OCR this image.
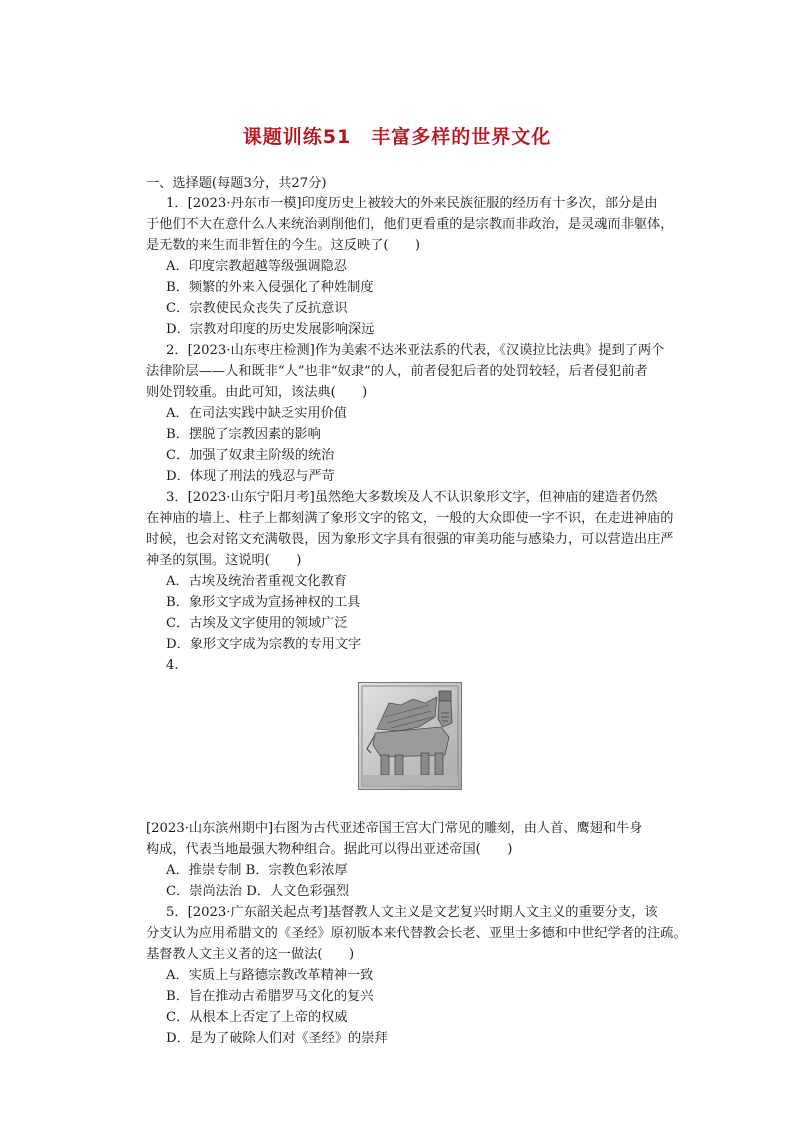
课题训练51　丰富多样的世界文化
一、选择题(每题3分，共27分)
1．[2023·丹东市一模]印度历史上被较大的外来民族征服的经历有十多次，部分是由
于他们不大在意什么人来统治剥削他们，他们更看重的是宗教而非政治，是灵魂而非躯体，
是无数的来生而非暂住的今生。这反映了(　　)
A．印度宗教超越等级强调隐忍
B．频繁的外来入侵强化了种姓制度
C．宗教使民众丧失了反抗意识
D．宗教对印度的历史发展影响深远
2．[2023·山东枣庄检测]作为美索不达米亚法系的代表，《汉谟拉比法典》提到了两个
法律阶层——人和既非“人”也非“奴隶”的人，前者侵犯后者的处罚较轻，后者侵犯前者
则处罚较重。由此可知，该法典(　　)
A．在司法实践中缺乏实用价值
B．摆脱了宗教因素的影响
C．加强了奴隶主阶级的统治
D．体现了刑法的残忍与严苛
3．[2023·山东宁阳月考]虽然绝大多数埃及人不认识象形文字，但神庙的建造者仍然
在神庙的墙上、柱子上都刻满了象形文字的铭文，一般的大众即使一字不识，在走进神庙的
时候，也会对铭文充满敬畏，因为象形文字具有很强的审美功能与感染力，可以营造出庄严
神圣的氛围。这说明(　　)
A．古埃及统治者重视文化教育
B．象形文字成为宣扬神权的工具
C．古埃及文字使用的领域广泛
D．象形文字成为宗教的专用文字
4.
[2023·山东滨州期中]右图为古代亚述帝国王宫大门常见的雕刻，由人首、鹰翅和牛身
构成，代表当地最强大物种组合。据此可以得出亚述帝国(　　)
A．推崇专制 B．宗教色彩浓厚
C．崇尚法治 D．人文色彩强烈
5．[2023·广东韶关起点考]基督教人文主义是文艺复兴时期人文主义的重要分支，该
分支认为应用希腊文的《圣经》原初版本来代替教会长老、亚里士多德和中世纪学者的注疏。
基督教人文主义者的这一做法(　　)
A．实质上与路德宗教改革精神一致
B．旨在推动古希腊罗马文化的复兴
C．从根本上否定了上帝的权威
D．是为了破除人们对《圣经》的崇拜
